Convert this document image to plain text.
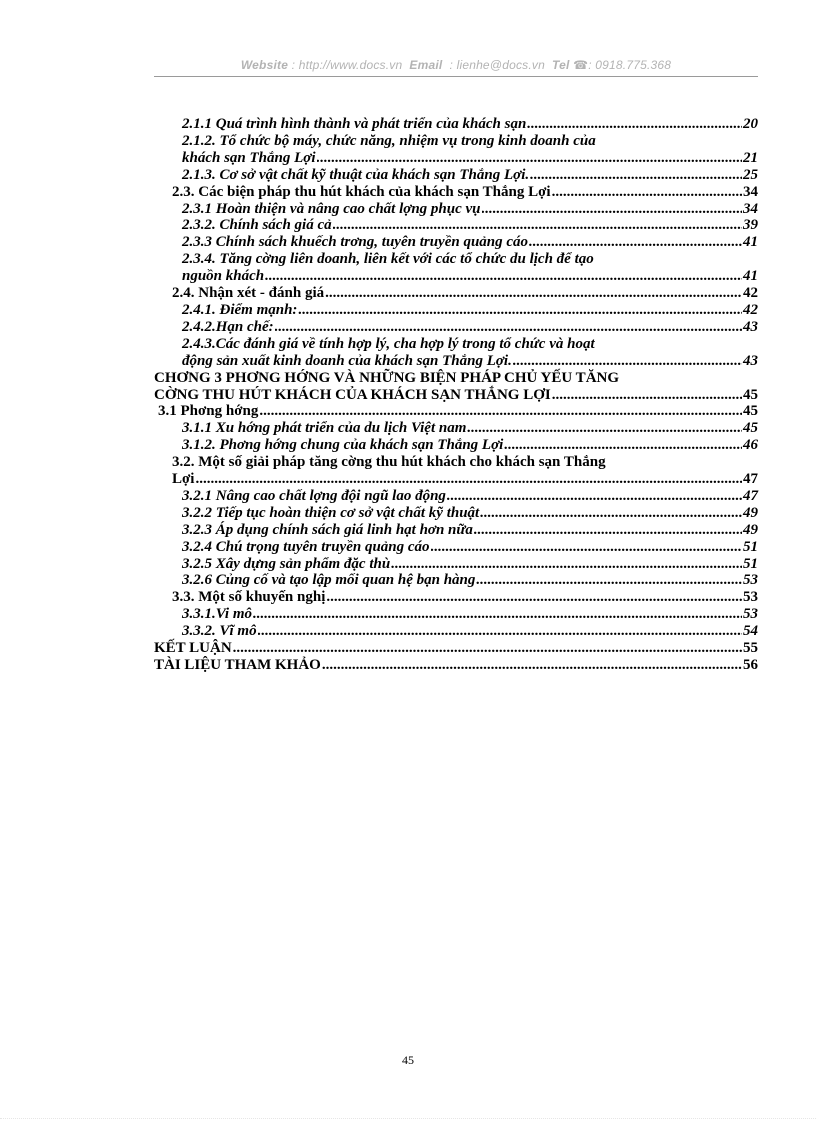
Website : http://www.docs.vn Email : lienhe@docs.vn Tel ☎: 0918.775.368
2.1.1 Quá trình hình thành và phát triển của khách sạn .....	20
2.1.2. Tổ chức bộ máy, chức năng, nhiệm vụ trong kinh doanh của
khách sạn Thắng Lợi .....	21
2.1.3. Cơ sở vật chất kỹ thuật của khách sạn Thắng Lợi. .....	25
2.3. Các biện pháp thu hút khách của khách sạn Thắng Lợi .....	34
2.3.1 Hoàn thiện và nâng cao chất lợng phục vụ .....	34
2.3.2. Chính sách giá cả .....	39
2.3.3 Chính sách khuếch trơng, tuyên truyền quảng cáo .....	41
2.3.4. Tăng cờng liên doanh, liên kết với các tổ chức du lịch để tạo
nguồn khách .....	41
2.4. Nhận xét - đánh giá .....	42
2.4.1. Điểm mạnh: .....	42
2.4.2.Hạn chế: .....	43
2.4.3.Các đánh giá về tính hợp lý, cha hợp lý trong tổ chức và hoạt
động sản xuất kinh doanh của khách sạn Thắng Lợi. .....	43
CHƠNG 3 PHƠNG HỚNG VÀ NHỮNG BIỆN PHÁP CHỦ YẾU TĂNG
CỜNG THU HÚT KHÁCH CỦA KHÁCH SẠN THẮNG LỢI .....	45
3.1 Phơng hớng .....	45
3.1.1 Xu hớng phát triển của du lịch Việt nam .....	45
3.1.2. Phơng hớng chung của khách sạn Thắng Lợi .....	46
3.2. Một số giải pháp tăng cờng thu hút khách cho khách sạn Thắng
Lợi .....	47
3.2.1 Nâng cao chất lợng đội ngũ lao động .....	47
3.2.2 Tiếp tục hoàn thiện cơ sở vật chất kỹ thuật .....	49
3.2.3 Áp dụng chính sách giá linh hạt hơn nữa .....	49
3.2.4 Chú trọng tuyên truyền quảng cáo .....	51
3.2.5 Xây dựng sản phẩm đặc thù .....	51
3.2.6 Củng cố và tạo lập mối quan hệ bạn hàng .....	53
3.3. Một số khuyến nghị .....	53
3.3.1.Vi mô .....	53
3.3.2. Vĩ mô .....	54
KẾT LUẬN .....	55
TÀI LIỆU THAM KHẢO .....	56
45
